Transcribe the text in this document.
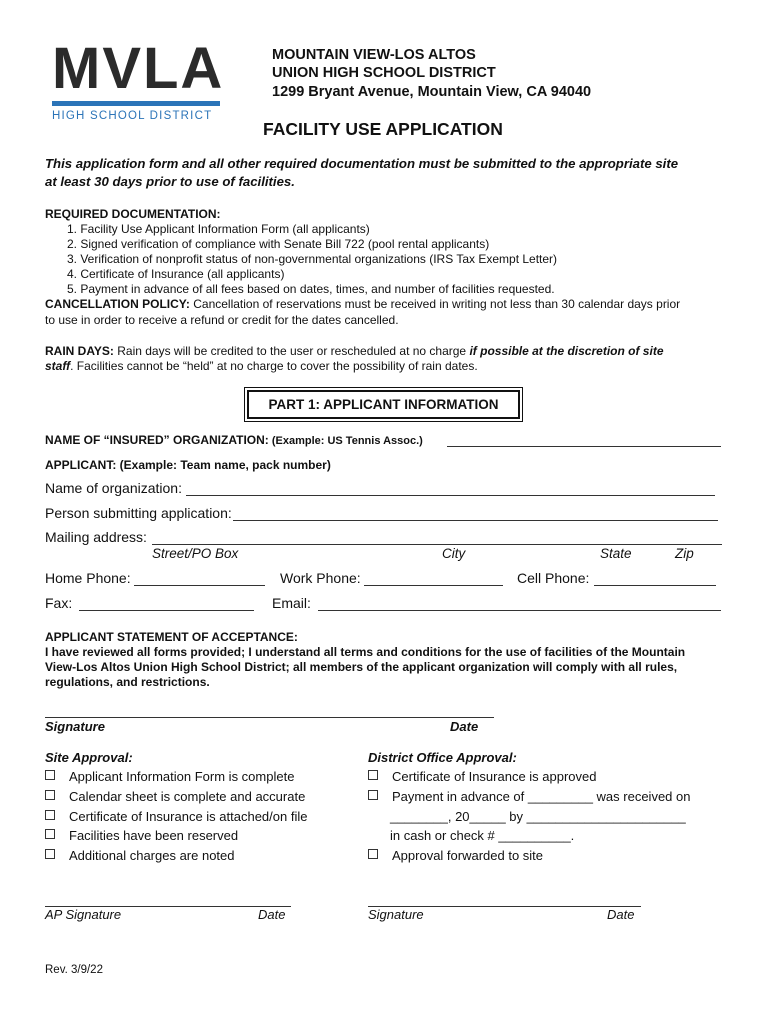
MVLA
HIGH SCHOOL DISTRICT
MOUNTAIN VIEW-LOS ALTOS
UNION HIGH SCHOOL DISTRICT
1299 Bryant Avenue, Mountain View, CA 94040
FACILITY USE APPLICATION
This application form and all other required documentation must be submitted to the appropriate site
at least 30 days prior to use of facilities.
REQUIRED DOCUMENTATION:
1. Facility Use Applicant Information Form (all applicants)
2. Signed verification of compliance with Senate Bill 722 (pool rental applicants)
3. Verification of nonprofit status of non-governmental organizations (IRS Tax Exempt Letter)
4. Certificate of Insurance (all applicants)
5. Payment in advance of all fees based on dates, times, and number of facilities requested.
CANCELLATION POLICY: Cancellation of reservations must be received in writing not less than 30 calendar days prior
to use in order to receive a refund or credit for the dates cancelled.
RAIN DAYS: Rain days will be credited to the user or rescheduled at no charge if possible at the discretion of site
staff. Facilities cannot be “held” at no charge to cover the possibility of rain dates.
PART 1: APPLICANT INFORMATION
NAME OF “INSURED” ORGANIZATION: (Example: US Tennis Assoc.)
APPLICANT: (Example: Team name, pack number)
Name of organization:
Person submitting application:
Mailing address:
Street/PO Box	City	State	Zip
Home Phone:	Work Phone:	Cell Phone:
Fax:	Email:
APPLICANT STATEMENT OF ACCEPTANCE:
I have reviewed all forms provided; I understand all terms and conditions for the use of facilities of the Mountain
View-Los Altos Union High School District; all members of the applicant organization will comply with all rules,
regulations, and restrictions.
Signature	Date
Site Approval:
Applicant Information Form is complete
Calendar sheet is complete and accurate
Certificate of Insurance is attached/on file
Facilities have been reserved
Additional charges are noted
District Office Approval:
Certificate of Insurance is approved
Payment in advance of _________ was received on
________, 20_____ by ______________________
in cash or check # __________.
Approval forwarded to site
AP Signature	Date	Signature	Date
Rev. 3/9/22
